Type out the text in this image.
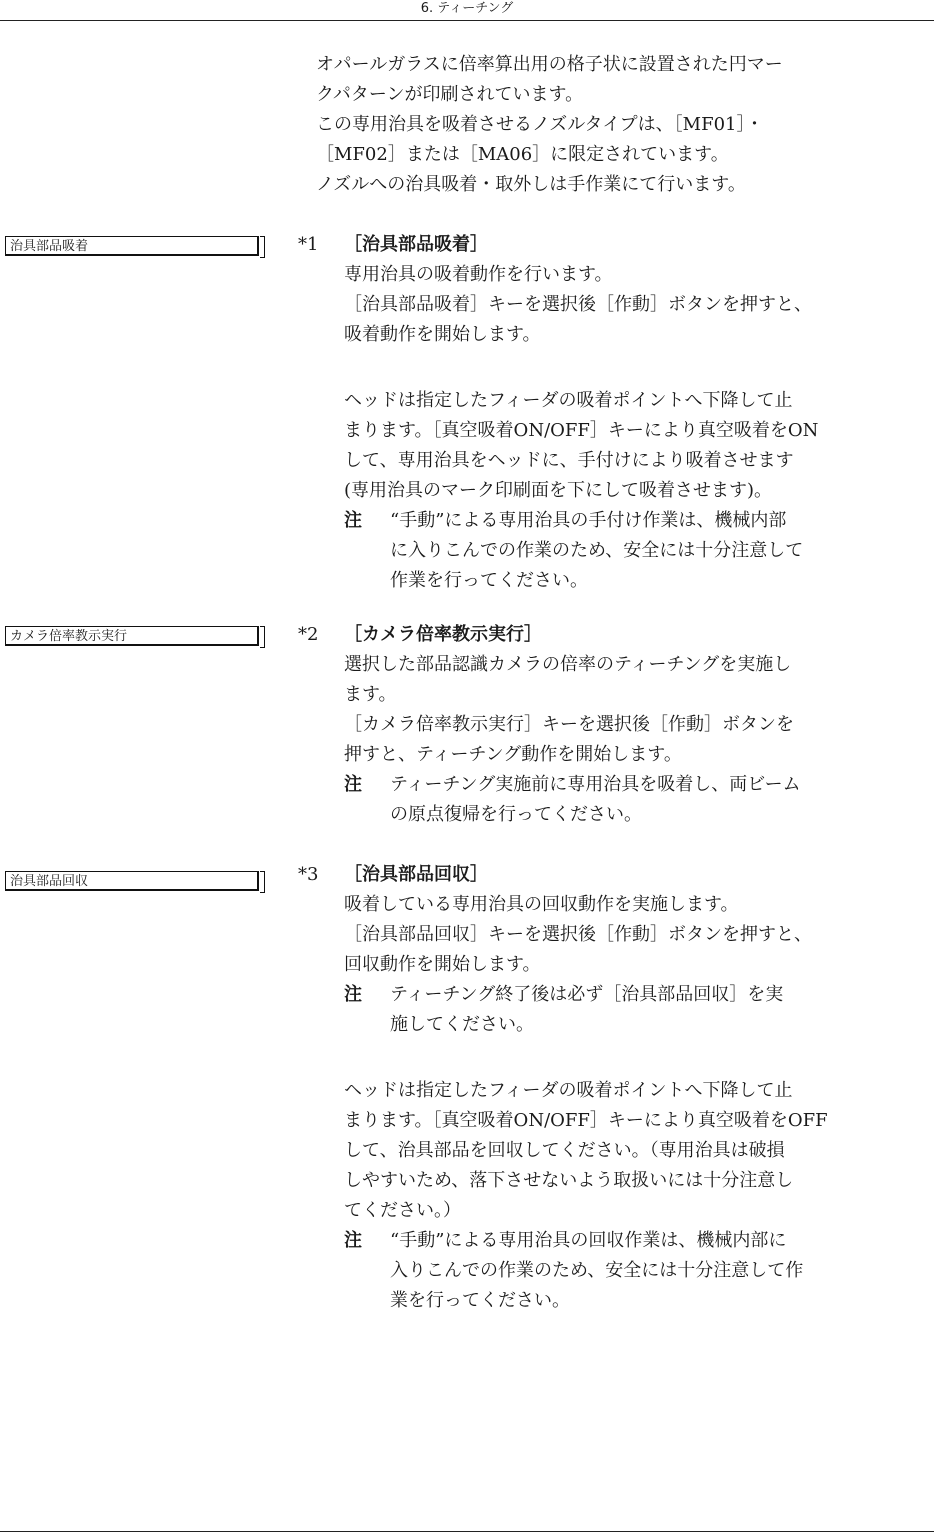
6. ティーチング

オパールガラスに倍率算出用の格子状に設置された円マー

クパターンが印刷されています。

この専用治具を吸着させるノズルタイプは、［MF01］・

［MF02］または［MA06］に限定されています。

ノズルへの治具吸着・取外しは手作業にて行います。

治具部品吸着	*1 ［治具部品吸着］

専用治具の吸着動作を行います。

［治具部品吸着］キーを選択後［作動］ボタンを押すと、

吸着動作を開始します。

ヘッドは指定したフィーダの吸着ポイントへ下降して止

まります。［真空吸着ON/OFF］キーにより真空吸着をON

して、専用治具をヘッドに、手付けにより吸着させます

(専用治具のマーク印刷面を下にして吸着させます)。

注 “手動”による専用治具の手付け作業は、機械内部

に入りこんでの作業のため、安全には十分注意して

作業を行ってください。

カメラ倍率教示実行	*2 ［カメラ倍率教示実行］

選択した部品認識カメラの倍率のティーチングを実施し

ます。

［カメラ倍率教示実行］キーを選択後［作動］ボタンを

押すと、ティーチング動作を開始します。

注 ティーチング実施前に専用治具を吸着し、両ビーム

の原点復帰を行ってください。

治具部品回収	*3 ［治具部品回収］

吸着している専用治具の回収動作を実施します。

［治具部品回収］キーを選択後［作動］ボタンを押すと、

回収動作を開始します。

注 ティーチング終了後は必ず［治具部品回収］を実

施してください。

ヘッドは指定したフィーダの吸着ポイントへ下降して止

まります。［真空吸着ON/OFF］キーにより真空吸着をOFF

して、治具部品を回収してください。（専用治具は破損

しやすいため、落下させないよう取扱いには十分注意し

てください。）

注 “手動”による専用治具の回収作業は、機械内部に

入りこんでの作業のため、安全には十分注意して作

業を行ってください。
